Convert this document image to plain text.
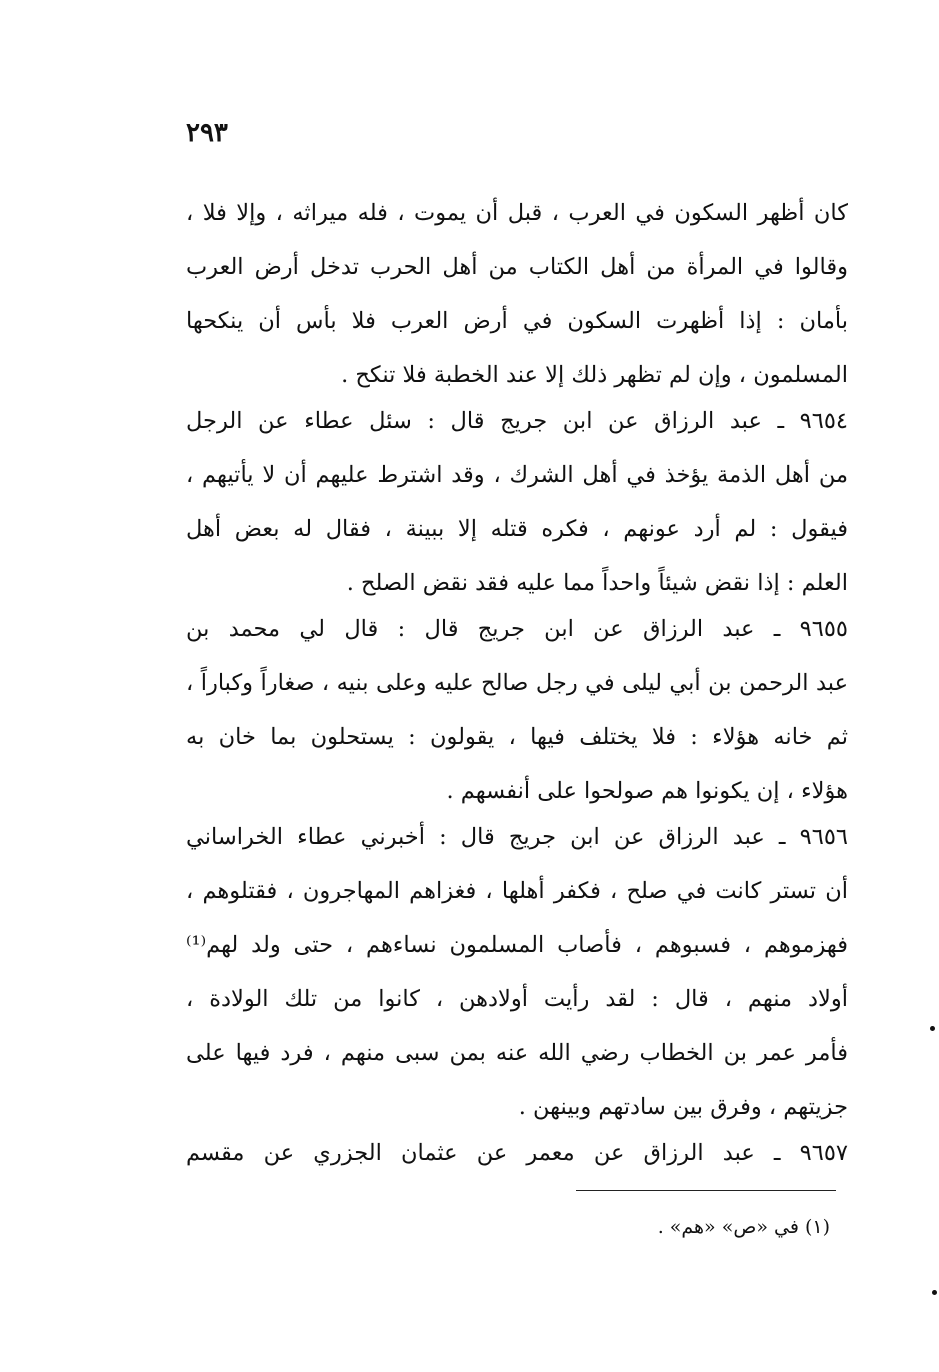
٢٩٣
كان أظهر السكون في العرب ، قبل أن يموت ، فله ميراثه ، وإلا فلا ،
وقالوا في المرأة من أهل الكتاب من أهل الحرب تدخل أرض العرب
بأمان : إذا أظهرت السكون في أرض العرب فلا بأس أن ينكحها
المسلمون ، وإن لم تظهر ذلك إلا عند الخطبة فلا تنكح .
٩٦٥٤ ـ عبد الرزاق عن ابن جريج قال : سئل عطاء عن الرجل
من أهل الذمة يؤخذ في أهل الشرك ، وقد اشترط عليهم أن لا يأتيهم ،
فيقول : لم أرد عونهم ، فكره قتله إلا ببينة ، فقال له بعض أهل
العلم : إذا نقض شيئاً واحداً مما عليه فقد نقض الصلح .
٩٦٥٥ ـ عبد الرزاق عن ابن جريج قال : قال لي محمد بن
عبد الرحمن بن أبي ليلى في رجل صالح عليه وعلى بنيه ، صغاراً وكباراً ،
ثم خانه هؤلاء : فلا يختلف فيها ، يقولون : يستحلون بما خان به
هؤلاء ، إن يكونوا هم صولحوا على أنفسهم .
٩٦٥٦ ـ عبد الرزاق عن ابن جريج قال : أخبرني عطاء الخراساني
أن تستر كانت في صلح ، فكفر أهلها ، فغزاهم المهاجرون ، فقتلوهم ،
فهزموهم ، فسبوهم ، فأصاب المسلمون نساءهم ، حتى ولد لهم⁽¹⁾
أولاد منهم ، قال : لقد رأيت أولادهن ، كانوا من تلك الولادة ،
فأمر عمر بن الخطاب رضي الله عنه بمن سبى منهم ، فرد فيها على
جزيتهم ، وفرق بين سادتهم وبينهن .
٩٦٥٧ ـ عبد الرزاق عن معمر عن عثمان الجزري عن مقسم
(١) في «ص» «هم» .
